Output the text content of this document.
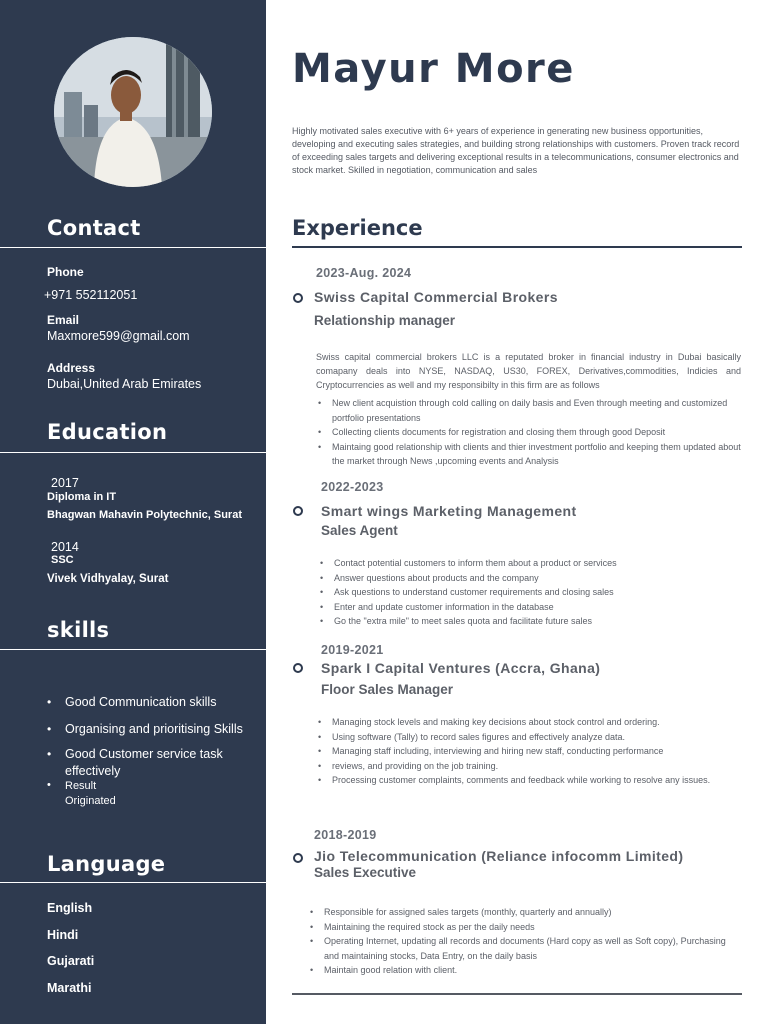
Contact
Phone
+971 552112051
Email
Maxmore599@gmail.com
Address
Dubai,United Arab Emirates
Education
2017
Diploma in IT
Bhagwan Mahavin Polytechnic, Surat
2014
SSC
Vivek Vidhyalay, Surat
skills
• Good Communication skills
• Organising and prioritising Skills
• Good Customer service task effectively
• Result
Originated
Language
English
Hindi
Gujarati
Marathi
Mayur More
Highly motivated sales executive with 6+ years of experience in generating new business opportunities, developing and executing sales strategies, and building strong relationships with customers. Proven track record of exceeding sales targets and delivering exceptional results in a telecommunications, consumer electronics and stock market. Skilled in negotiation, communication and sales
Experience
2023-Aug. 2024
Swiss Capital Commercial Brokers
Relationship manager
Swiss capital commercial brokers LLC is a reputated broker in financial industry in Dubai basically comapany deals into NYSE, NASDAQ, US30, FOREX, Derivatives,commodities, Indicies and Cryptocurrencies as well and my responsibilty in this firm are as follows
• New client acquistion through cold calling on daily basis and Even through meeting and customized portfolio presentations
• Collecting clients documents for registration and closing them through good Deposit
• Maintaing good relationship with clients and thier investment portfolio and keeping them updated about the market through News ,upcoming events and Analysis
2022-2023
Smart wings Marketing Management
Sales Agent
• Contact potential customers to inform them about a product or services
• Answer questions about products and the company
• Ask questions to understand customer requirements and closing sales
• Enter and update customer information in the database
• Go the "extra mile" to meet sales quota and facilitate future sales
2019-2021
Spark I Capital Ventures (Accra, Ghana)
Floor Sales Manager
• Managing stock levels and making key decisions about stock control and ordering.
• Using software (Tally) to record sales figures and effectively analyze data.
• Managing staff including, interviewing and hiring new staff, conducting performance
• reviews, and providing on the job training.
• Processing customer complaints, comments and feedback while working to resolve any issues.
2018-2019
Jio Telecommunication (Reliance infocomm Limited)
Sales Executive
• Responsible for assigned sales targets (monthly, quarterly and annually)
• Maintaining the required stock as per the daily needs
• Operating Internet, updating all records and documents (Hard copy as well as Soft copy), Purchasing and maintaining stocks, Data Entry, on the daily basis
• Maintain good relation with client.
